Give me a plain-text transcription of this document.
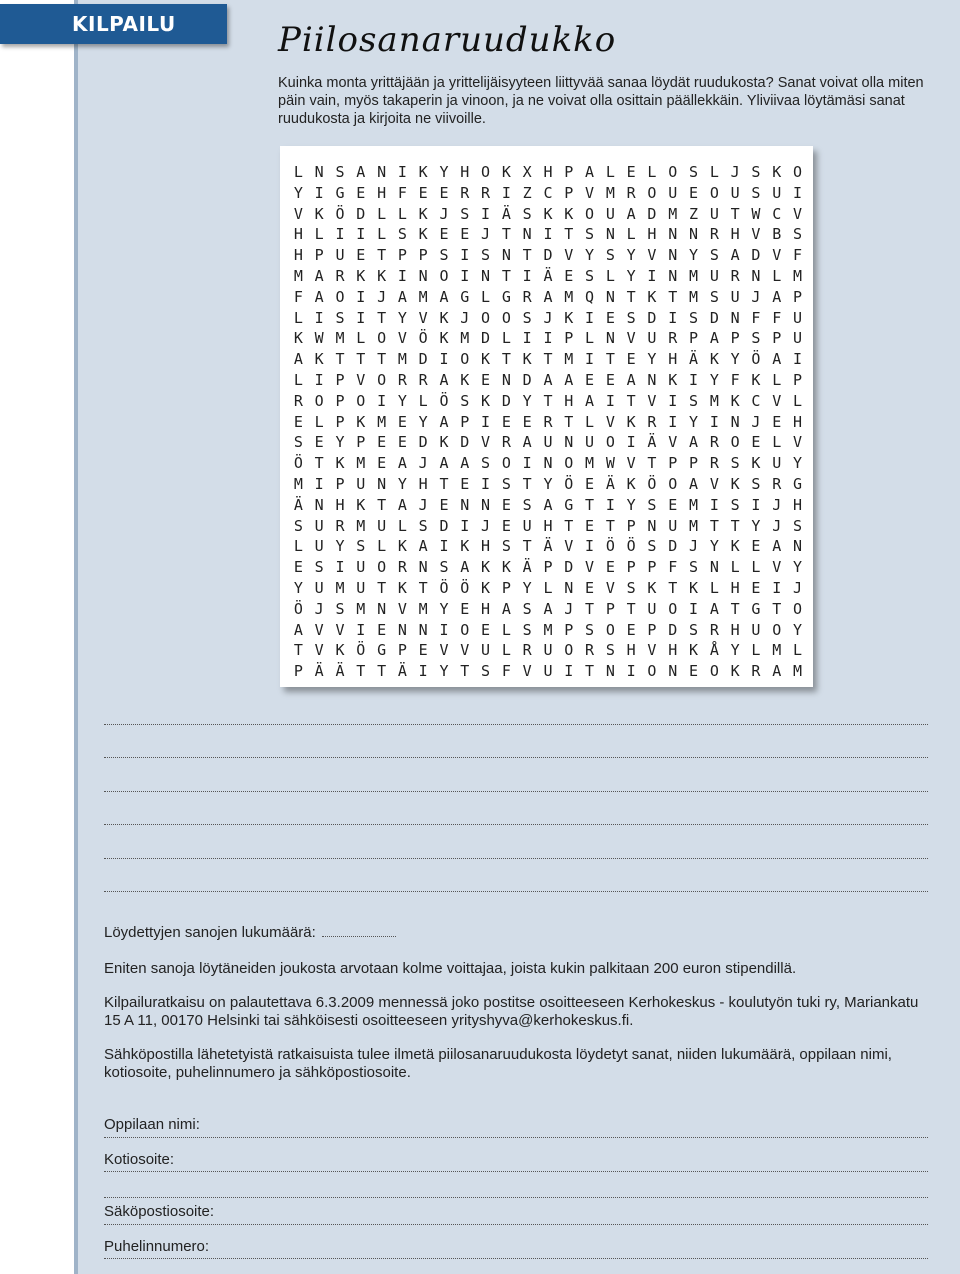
KILPAILU	Piilosanaruudukko
Kuinka monta yrittäjään ja yrittelijäisyyteen liittyvää sanaa löydät ruudukosta? Sanat voivat olla miten päin vain, myös takaperin ja vinoon, ja ne voivat olla osittain päällekkäin. Yliviivaa löytämäsi sanat ruudukosta ja kirjoita ne viivoille.
L N S A N I K Y H O K X H P A L E L O S L J S K O
Y I G E H F E E R R I Z C P V M R O U E O U S U I
V K Ö D L L K J S I Ä S K K O U A D M Z U T W C V
H L I I L S K E E J T N I T S N L H N N R H V B S
H P U E T P P S I S N T D V Y S Y V N Y S A D V F
M A R K K I N O I N T I Ä E S L Y I N M U R N L M
F A O I J A M A G L G R A M Q N T K T M S U J A P
L I S I T Y V K J O O S J K I E S D I S D N F F U
K W M L O V Ö K M D L I I P L N V U R P A P S P U
A K T T T M D I O K T K T M I T E Y H Ä K Y Ö A I
L I P V O R R A K E N D A A E E A N K I Y F K L P
R O P O I Y L Ö S K D Y T H A I T V I S M K C V L
E L P K M E Y A P I E E R T L V K R I Y I N J E H
S E Y P E E D K D V R A U N U O I Ä V A R O E L V
Ö T K M E A J A A S O I N O M W V T P P R S K U Y
M I P U N Y H T E I S T Y Ö E Ä K Ö O A V K S R G
Ä N H K T A J E N N E S A G T I Y S E M I S I J H
S U R M U L S D I J E U H T E T P N U M T T Y J S
L U Y S L K A I K H S T Ä V I Ö Ö S D J Y K E A N
E S I U O R N S A K K Ä P D V E P P F S N L L V Y
Y U M U T K T Ö Ö K P Y L N E V S K T K L H E I J
Ö J S M N V M Y E H A S A J T P T U O I A T G T O
A V V I E N N I O E L S M P S O E P D S R H U O Y
T V K Ö G P E V V U L R U O R S H V H K Å Y L M L
P Ä Ä T T Ä I Y T S F V U I T N I O N E O K R A M
Löydettyjen sanojen lukumäärä:
Eniten sanoja löytäneiden joukosta arvotaan kolme voittajaa, joista kukin palkitaan 200 euron stipendillä.
Kilpailuratkaisu on palautettava 6.3.2009 mennessä joko postitse osoitteeseen Kerhokeskus - koulutyön tuki ry, Mariankatu 15 A 11, 00170 Helsinki tai sähköisesti osoitteeseen yrityshyva@kerhokeskus.fi.
Sähköpostilla lähetetyistä ratkaisuista tulee ilmetä piilosanaruudukosta löydetyt sanat, niiden lukumäärä, oppilaan nimi, kotiosoite, puhelinnumero ja sähköpostiosoite.
Oppilaan nimi:
Kotiosoite:
Säköpostiosoite:
Puhelinnumero:
